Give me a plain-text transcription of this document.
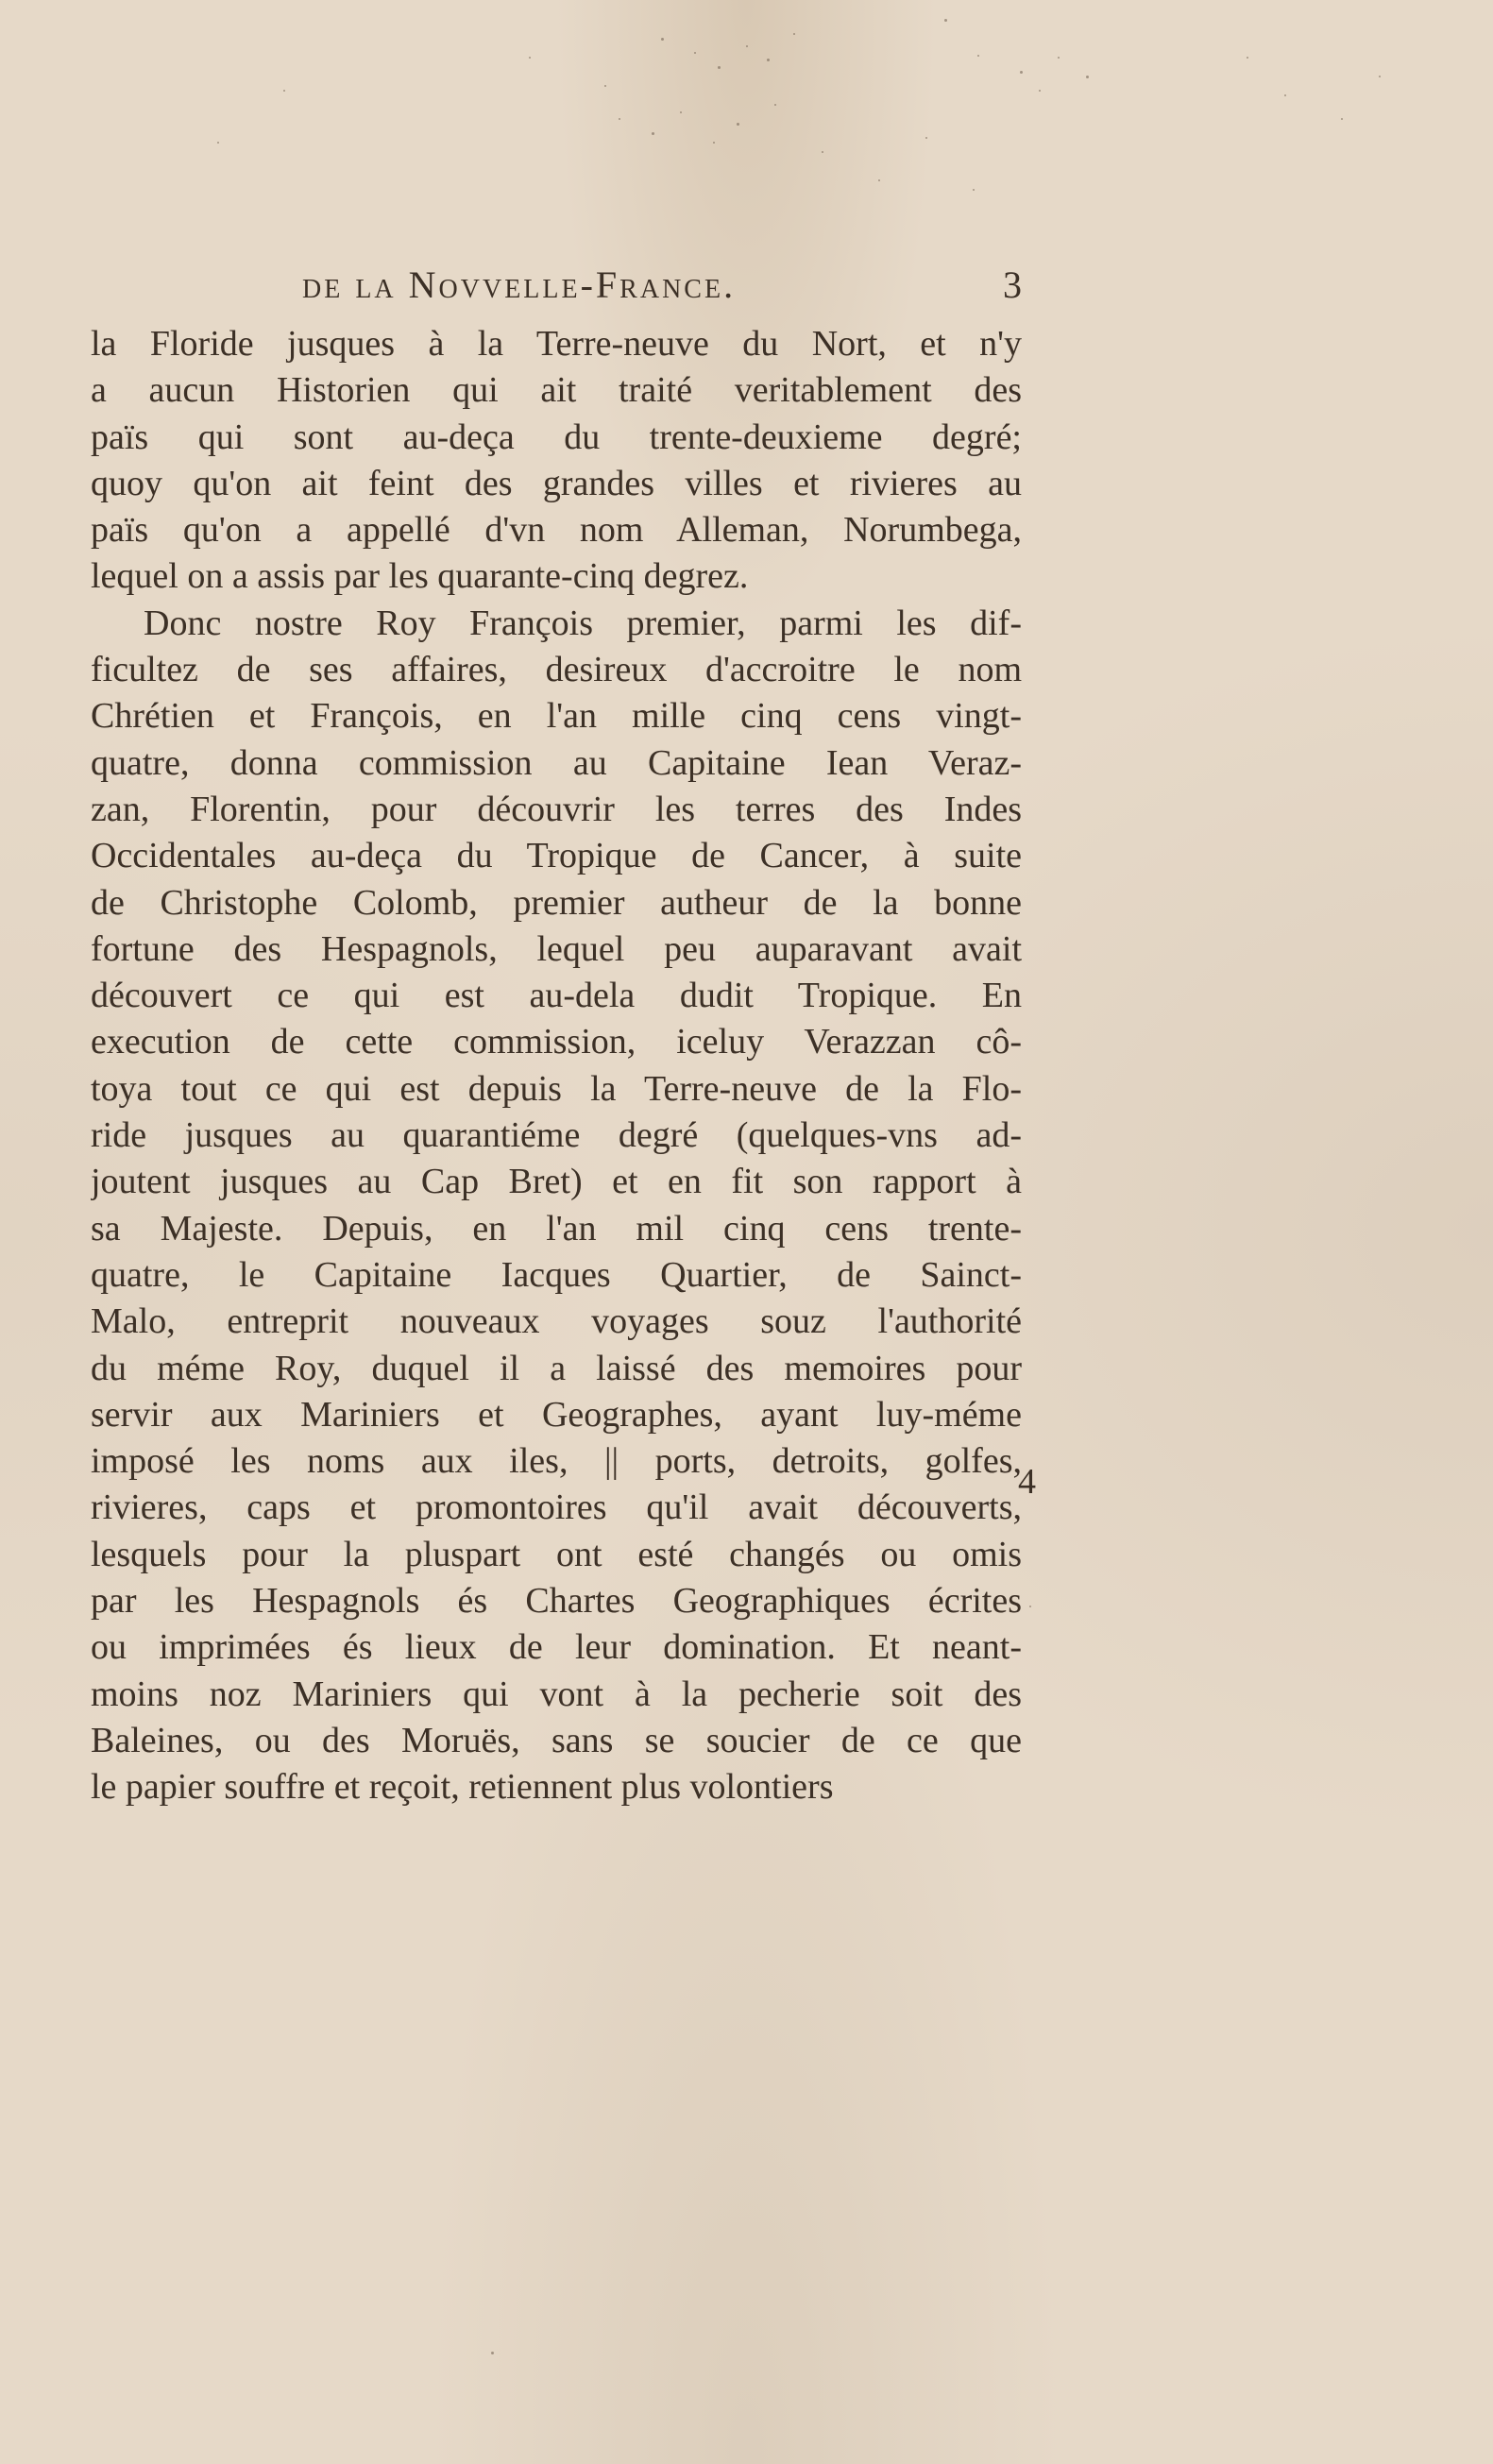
de la Novvelle-France.	3
la Floride jusques à la Terre-neuve du Nort, et n'y
a aucun Historien qui ait traité veritablement des
païs qui sont au-deça du trente-deuxieme degré;
quoy qu'on ait feint des grandes villes et rivieres au
païs qu'on a appellé d'vn nom Alleman, Norumbega,
lequel on a assis par les quarante-cinq degrez.
Donc nostre Roy François premier, parmi les dif-
ficultez de ses affaires, desireux d'accroitre le nom
Chrétien et François, en l'an mille cinq cens vingt-
quatre, donna commission au Capitaine Iean Veraz-
zan, Florentin, pour découvrir les terres des Indes
Occidentales au-deça du Tropique de Cancer, à suite
de Christophe Colomb, premier autheur de la bonne
fortune des Hespagnols, lequel peu auparavant avait
découvert ce qui est au-dela dudit Tropique. En
execution de cette commission, iceluy Verazzan cô-
toya tout ce qui est depuis la Terre-neuve de la Flo-
ride jusques au quarantiéme degré (quelques-vns ad-
joutent jusques au Cap Bret) et en fit son rapport à
sa Majeste. Depuis, en l'an mil cinq cens trente-
quatre, le Capitaine Iacques Quartier, de Sainct-
Malo, entreprit nouveaux voyages souz l'authorité
du méme Roy, duquel il a laissé des memoires pour
servir aux Mariniers et Geographes, ayant luy-méme
imposé les noms aux iles, || ports, detroits, golfes,
rivieres, caps et promontoires qu'il avait découverts,
lesquels pour la pluspart ont esté changés ou omis
par les Hespagnols és Chartes Geographiques écrites
ou imprimées és lieux de leur domination. Et neant-
moins noz Mariniers qui vont à la pecherie soit des
Baleines, ou des Moruës, sans se soucier de ce que
le papier souffre et reçoit, retiennent plus volontiers
4
